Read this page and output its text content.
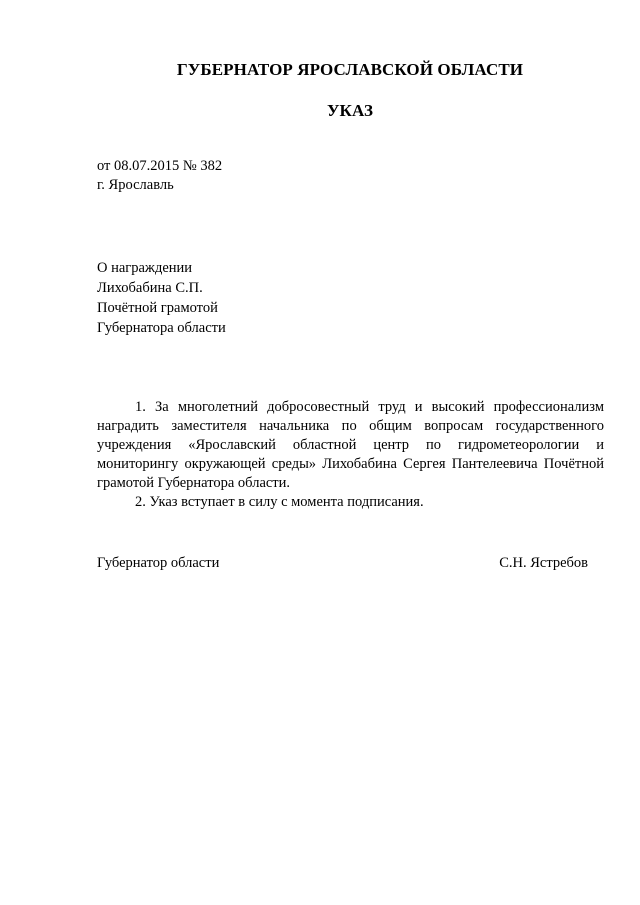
ГУБЕРНАТОР ЯРОСЛАВСКОЙ ОБЛАСТИ
УКАЗ
от 08.07.2015 № 382
г. Ярославль
О награждении
Лихобабина С.П.
Почётной грамотой
Губернатора области

1. За многолетний добросовестный труд и высокий профессионализм наградить заместителя начальника по общим вопросам государственного учреждения «Ярославский областной центр по гидрометеорологии и мониторингу окружающей среды» Лихобабина Сергея Пантелеевича Почётной грамотой Губернатора области.

2. Указ вступает в силу с момента подписания.

Губернатор области	С.Н. Ястребов
